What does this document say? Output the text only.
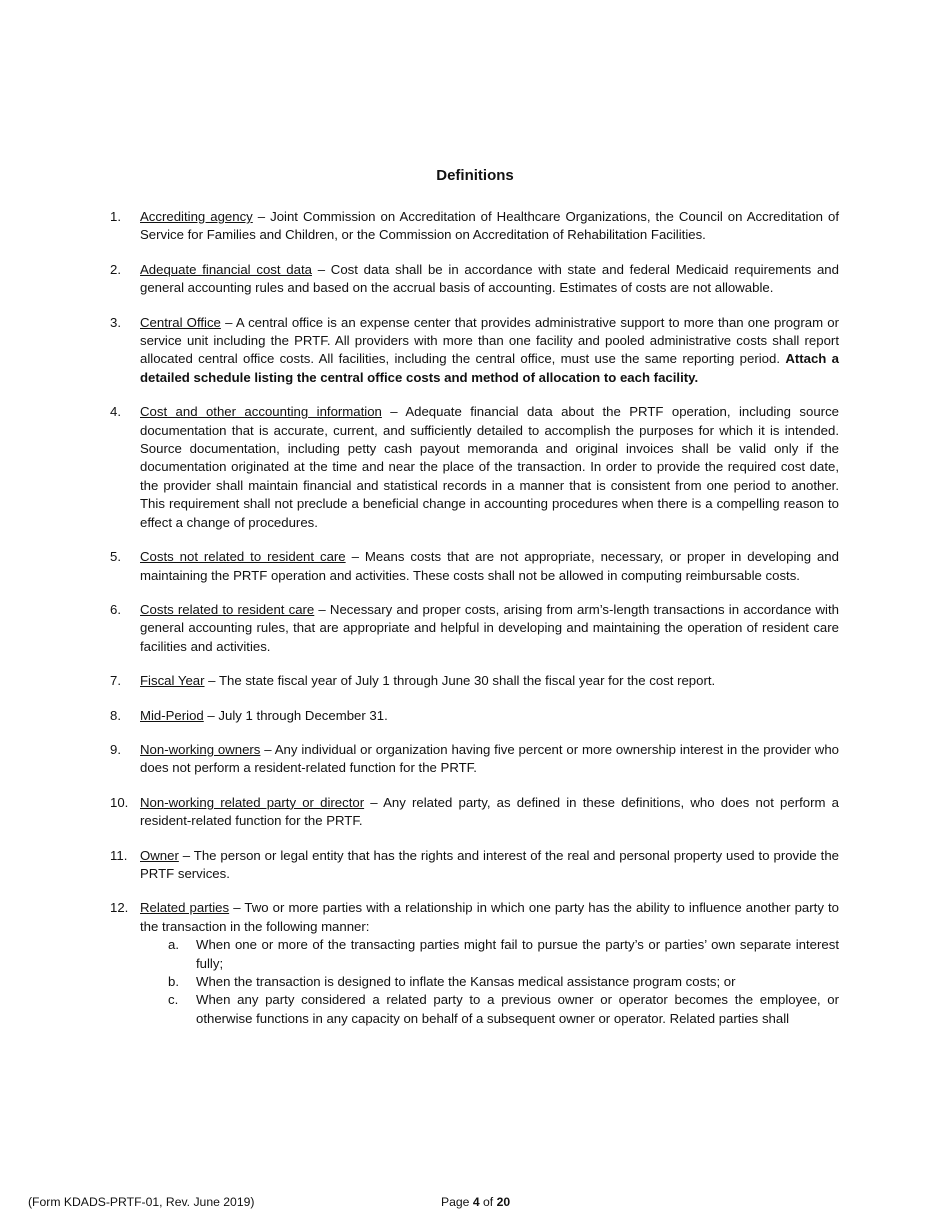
Definitions
1. Accrediting agency – Joint Commission on Accreditation of Healthcare Organizations, the Council on Accreditation of Service for Families and Children, or the Commission on Accreditation of Rehabilitation Facilities.
2. Adequate financial cost data – Cost data shall be in accordance with state and federal Medicaid requirements and general accounting rules and based on the accrual basis of accounting. Estimates of costs are not allowable.
3. Central Office – A central office is an expense center that provides administrative support to more than one program or service unit including the PRTF. All providers with more than one facility and pooled administrative costs shall report allocated central office costs. All facilities, including the central office, must use the same reporting period. Attach a detailed schedule listing the central office costs and method of allocation to each facility.
4. Cost and other accounting information – Adequate financial data about the PRTF operation, including source documentation that is accurate, current, and sufficiently detailed to accomplish the purposes for which it is intended. Source documentation, including petty cash payout memoranda and original invoices shall be valid only if the documentation originated at the time and near the place of the transaction. In order to provide the required cost date, the provider shall maintain financial and statistical records in a manner that is consistent from one period to another. This requirement shall not preclude a beneficial change in accounting procedures when there is a compelling reason to effect a change of procedures.
5. Costs not related to resident care – Means costs that are not appropriate, necessary, or proper in developing and maintaining the PRTF operation and activities. These costs shall not be allowed in computing reimbursable costs.
6. Costs related to resident care – Necessary and proper costs, arising from arm’s-length transactions in accordance with general accounting rules, that are appropriate and helpful in developing and maintaining the operation of resident care facilities and activities.
7. Fiscal Year – The state fiscal year of July 1 through June 30 shall the fiscal year for the cost report.
8. Mid-Period – July 1 through December 31.
9. Non-working owners – Any individual or organization having five percent or more ownership interest in the provider who does not perform a resident-related function for the PRTF.
10. Non-working related party or director – Any related party, as defined in these definitions, who does not perform a resident-related function for the PRTF.
11. Owner – The person or legal entity that has the rights and interest of the real and personal property used to provide the PRTF services.
12. Related parties – Two or more parties with a relationship in which one party has the ability to influence another party to the transaction in the following manner:
a. When one or more of the transacting parties might fail to pursue the party’s or parties’ own separate interest fully;
b. When the transaction is designed to inflate the Kansas medical assistance program costs; or
c. When any party considered a related party to a previous owner or operator becomes the employee, or otherwise functions in any capacity on behalf of a subsequent owner or operator. Related parties shall
(Form KDADS-PRTF-01, Rev. June 2019)	Page 4 of 20
